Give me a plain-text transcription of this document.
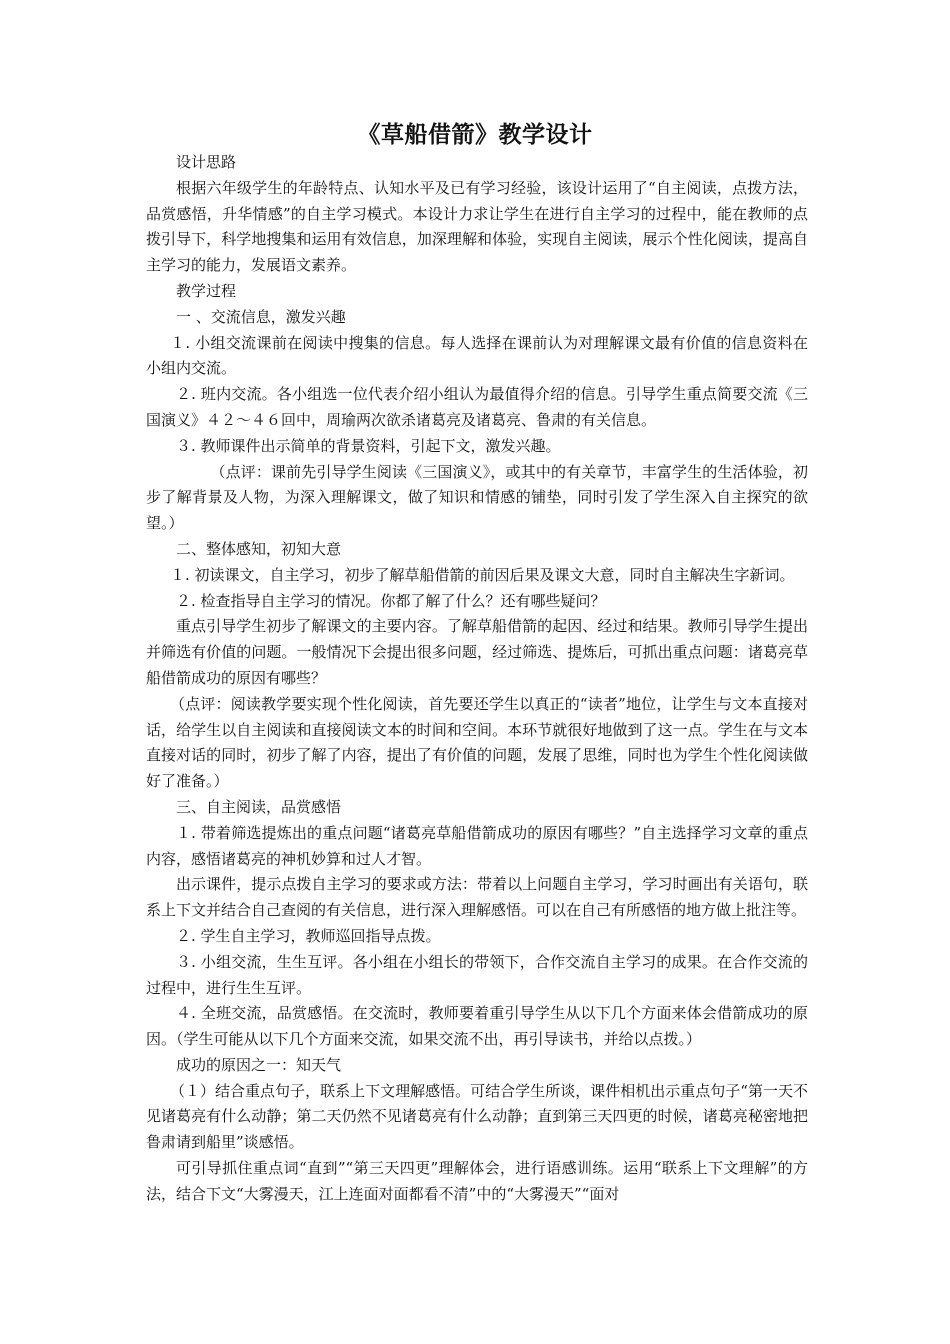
《草船借箭》教学设计

设计思路

根据六年级学生的年龄特点、认知水平及已有学习经验，该设计运用了“自主阅读，点拨方法，品赏感悟，升华情感”的自主学习模式。本设计力求让学生在进行自主学习的过程中，能在教师的点拨引导下，科学地搜集和运用有效信息，加深理解和体验，实现自主阅读，展示个性化阅读，提高自主学习的能力，发展语文素养。

教学过程

一 、交流信息，激发兴趣

１. 小组交流课前在阅读中搜集的信息。每人选择在课前认为对理解课文最有价值的信息资料在小组内交流。

２. 班内交流。各小组选一位代表介绍小组认为最值得介绍的信息。引导学生重点简要交流《三国演义》４２～４６回中，周瑜两次欲杀诸葛亮及诸葛亮、鲁肃的有关信息。

３. 教师课件出示简单的背景资料，引起下文，激发兴趣。

（点评：课前先引导学生阅读《三国演义》，或其中的有关章节，丰富学生的生活体验，初步了解背景及人物，为深入理解课文，做了知识和情感的铺垫，同时引发了学生深入自主探究的欲望。）

二、整体感知，初知大意

１. 初读课文，自主学习，初步了解草船借箭的前因后果及课文大意，同时自主解决生字新词。

２. 检查指导自主学习的情况。你都了解了什么？还有哪些疑问？

重点引导学生初步了解课文的主要内容。了解草船借箭的起因、经过和结果。教师引导学生提出并筛选有价值的问题。一般情况下会提出很多问题，经过筛选、提炼后，可抓出重点问题：诸葛亮草船借箭成功的原因有哪些？

（点评：阅读教学要实现个性化阅读，首先要还学生以真正的“读者”地位，让学生与文本直接对话，给学生以自主阅读和直接阅读文本的时间和空间。本环节就很好地做到了这一点。学生在与文本直接对话的同时，初步了解了内容，提出了有价值的问题，发展了思维，同时也为学生个性化阅读做好了准备。）

三、自主阅读，品赏感悟

１. 带着筛选提炼出的重点问题“诸葛亮草船借箭成功的原因有哪些？”自主选择学习文章的重点内容，感悟诸葛亮的神机妙算和过人才智。

出示课件，提示点拨自主学习的要求或方法：带着以上问题自主学习，学习时画出有关语句，联系上下文并结合自己查阅的有关信息，进行深入理解感悟。可以在自己有所感悟的地方做上批注等。

２. 学生自主学习，教师巡回指导点拨。

３. 小组交流，生生互评。各小组在小组长的带领下，合作交流自主学习的成果。在合作交流的过程中，进行生生互评。

４. 全班交流，品赏感悟。在交流时，教师要着重引导学生从以下几个方面来体会借箭成功的原因。（学生可能从以下几个方面来交流，如果交流不出，再引导读书，并给以点拨。）

成功的原因之一：知天气

（１）结合重点句子，联系上下文理解感悟。可结合学生所谈，课件相机出示重点句子“第一天不见诸葛亮有什么动静；第二天仍然不见诸葛亮有什么动静；直到第三天四更的时候，诸葛亮秘密地把鲁肃请到船里”谈感悟。

可引导抓住重点词“直到”“第三天四更”理解体会，进行语感训练。运用“联系上下文理解”的方法，结合下文“大雾漫天，江上连面对面都看不清”中的“大雾漫天”“面对
